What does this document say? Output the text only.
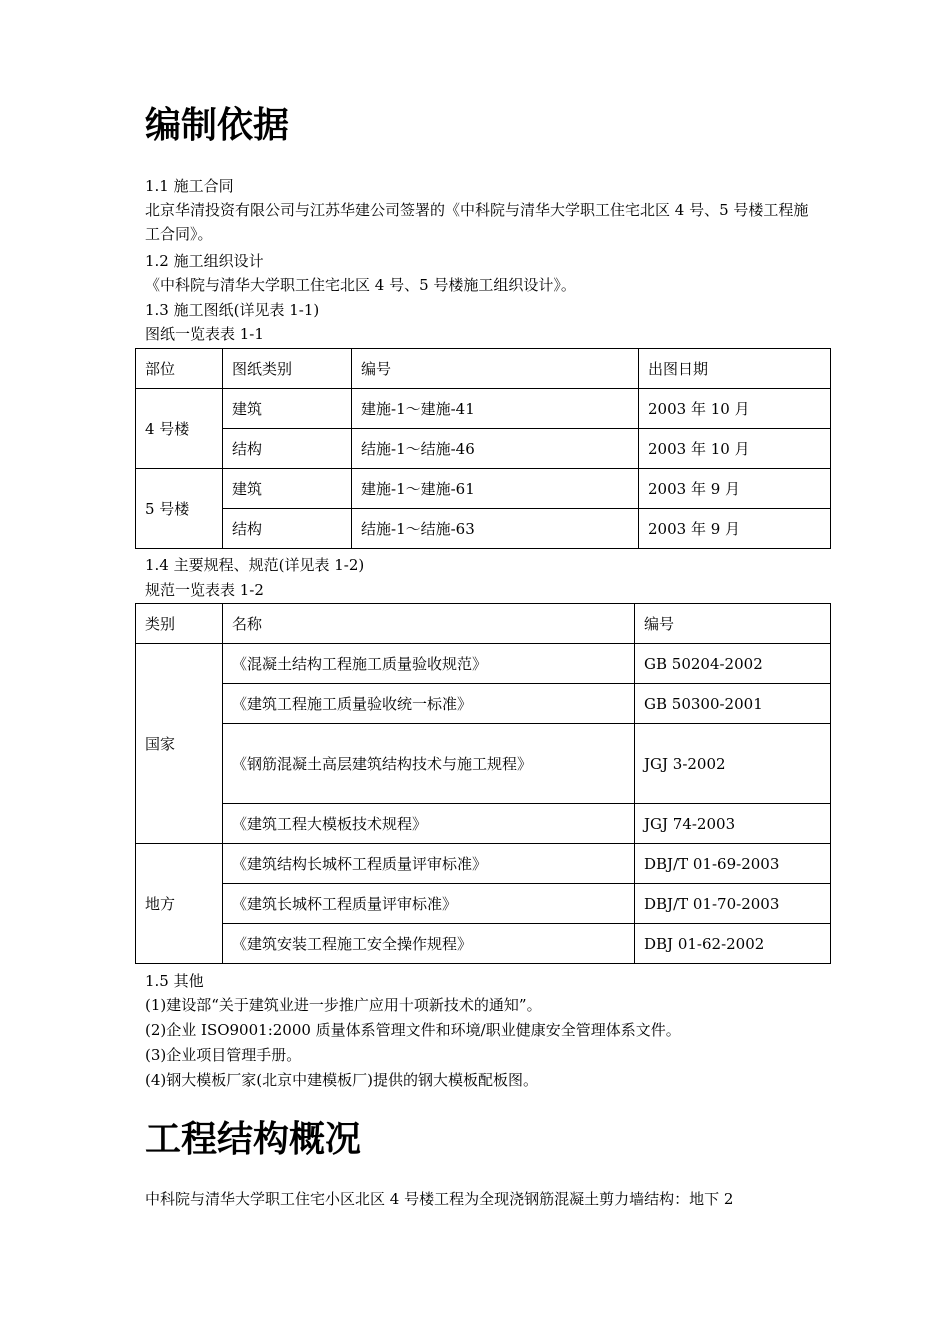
编制依据
1.1 施工合同
北京华清投资有限公司与江苏华建公司签署的《中科院与清华大学职工住宅北区 4 号、5 号楼工程施工合同》。
1.2 施工组织设计
《中科院与清华大学职工住宅北区 4 号、5 号楼施工组织设计》。
1.3 施工图纸(详见表 1-1)
图纸一览表表 1-1
部位	图纸类别	编号	出图日期
4 号楼	建筑	建施-1～建施-41	2003 年 10 月
	结构	结施-1～结施-46	2003 年 10 月
5 号楼	建筑	建施-1～建施-61	2003 年 9 月
	结构	结施-1～结施-63	2003 年 9 月
1.4 主要规程、规范(详见表 1-2)
规范一览表表 1-2
类别	名称	编号
国家	《混凝土结构工程施工质量验收规范》	GB 50204-2002
	《建筑工程施工质量验收统一标准》	GB 50300-2001
	《钢筋混凝土高层建筑结构技术与施工规程》	JGJ 3-2002
	《建筑工程大模板技术规程》	JGJ 74-2003
地方	《建筑结构长城杯工程质量评审标准》	DBJ/T 01-69-2003
	《建筑长城杯工程质量评审标准》	DBJ/T 01-70-2003
	《建筑安装工程施工安全操作规程》	DBJ 01-62-2002
1.5 其他
(1)建设部“关于建筑业进一步推广应用十项新技术的通知”。
(2)企业 ISO9001:2000 质量体系管理文件和环境/职业健康安全管理体系文件。
(3)企业项目管理手册。
(4)钢大模板厂家(北京中建模板厂)提供的钢大模板配板图。
工程结构概况
中科院与清华大学职工住宅小区北区 4 号楼工程为全现浇钢筋混凝土剪力墙结构：地下 2
